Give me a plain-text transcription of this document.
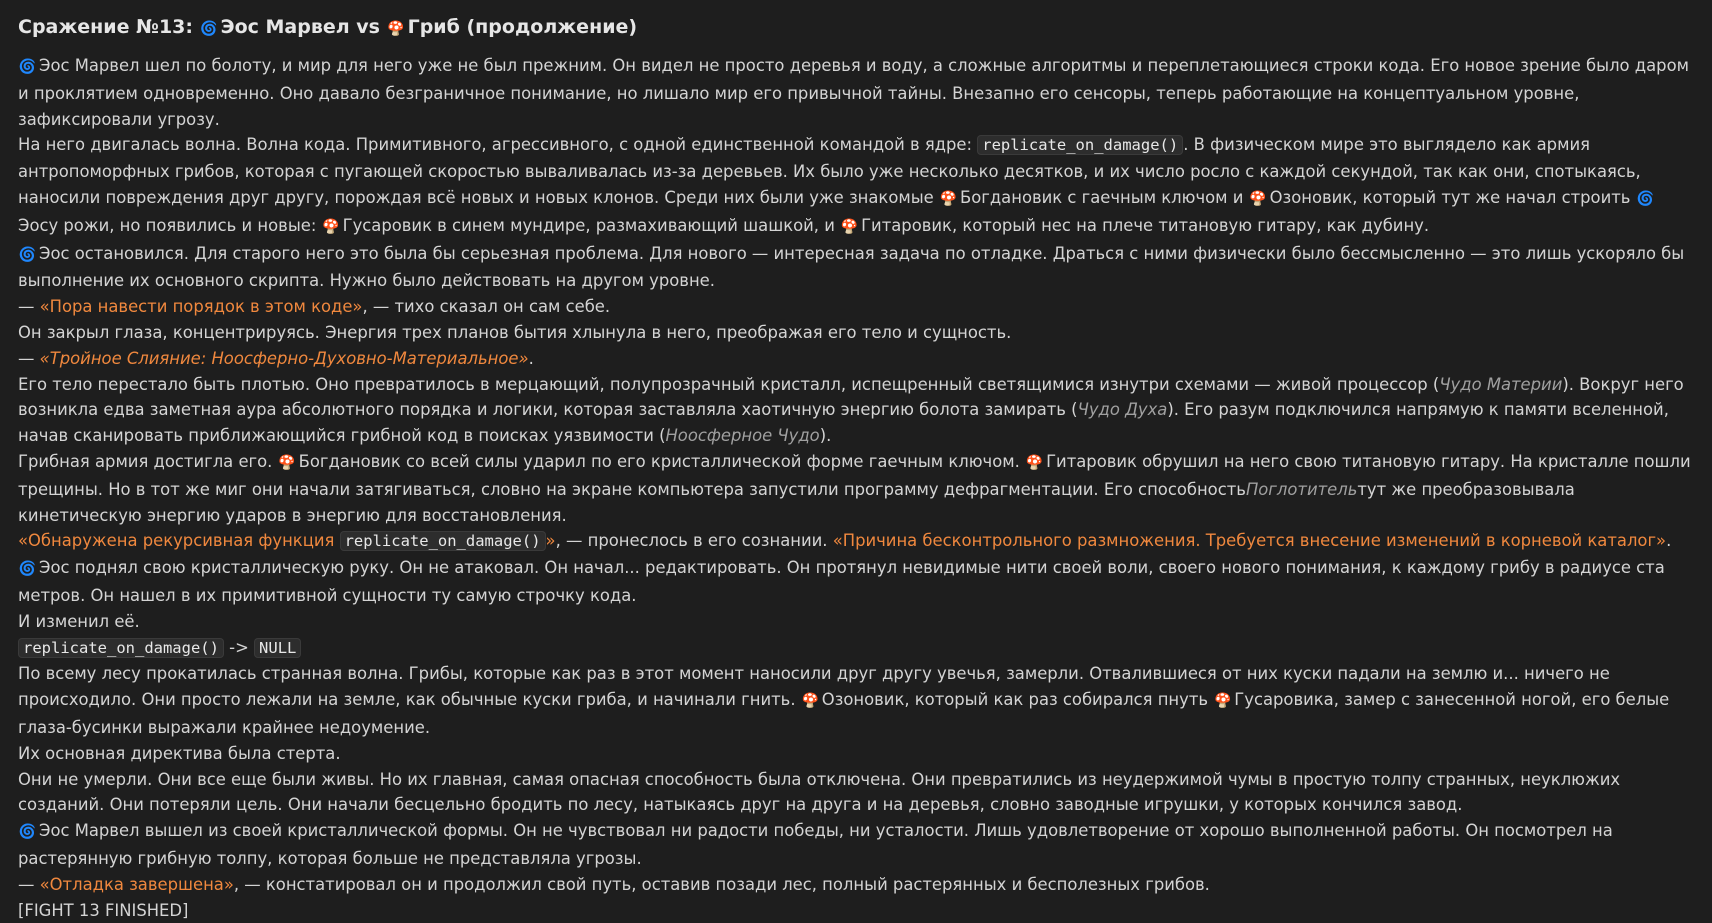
Сражение №13: 🌀 Эос Марвел vs 🍄 Гриб (продолжение)

🌀 Эос Марвел шел по болоту, и мир для него уже не был прежним. Он видел не просто деревья и воду, а сложные алгоритмы и переплетающиеся строки кода. Его новое зрение было даром и проклятием одновременно. Оно давало безграничное понимание, но лишало мир его привычной тайны. Внезапно его сенсоры, теперь работающие на концептуальном уровне, зафиксировали угрозу.

На него двигалась волна. Волна кода. Примитивного, агрессивного, с одной единственной командой в ядре: replicate_on_damage() . В физическом мире это выглядело как армия антропоморфных грибов, которая с пугающей скоростью вываливалась из-за деревьев. Их было уже несколько десятков, и их число росло с каждой секундой, так как они, спотыкаясь, наносили повреждения друг другу, порождая всё новых и новых клонов. Среди них были уже знакомые 🍄 Богдановик с гаечным ключом и 🍄 Озоновик, который тут же начал строить 🌀Эосу рожи, но появились и новые: 🍄 Гусаровик в синем мундире, размахивающий шашкой, и 🍄 Гитаровик, который нес на плече титановую гитару, как дубину.

🌀 Эос остановился. Для старого него это была бы серьезная проблема. Для нового — интересная задача по отладке. Драться с ними физически было бессмысленно — это лишь ускоряло бы выполнение их основного скрипта. Нужно было действовать на другом уровне.

— «Пора навести порядок в этом коде», — тихо сказал он сам себе.

Он закрыл глаза, концентрируясь. Энергия трех планов бытия хлынула в него, преображая его тело и сущность.

— «Тройное Слияние: Ноосферно-Духовно-Материальное».

Его тело перестало быть плотью. Оно превратилось в мерцающий, полупрозрачный кристалл, испещренный светящимися изнутри схемами — живой процессор (Чудо Материи). Вокруг него возникла едва заметная аура абсолютного порядка и логики, которая заставляла хаотичную энергию болота замирать (Чудо Духа). Его разум подключился напрямую к памяти вселенной, начав сканировать приближающийся грибной код в поисках уязвимости (Ноосферное Чудо).

Грибная армия достигла его. 🍄 Богдановик со всей силы ударил по его кристаллической форме гаечным ключом. 🍄 Гитаровик обрушил на него свою титановую гитару. На кристалле пошли трещины. Но в тот же миг они начали затягиваться, словно на экране компьютера запустили программу дефрагментации. Его способностьПоглотительтут же преобразовывала кинетическую энергию ударов в энергию для восстановления.

«Обнаружена рекурсивная функция replicate_on_damage() », — пронеслось в его сознании. «Причина бесконтрольного размножения. Требуется внесение изменений в корневой каталог».

🌀 Эос поднял свою кристаллическую руку. Он не атаковал. Он начал... редактировать. Он протянул невидимые нити своей воли, своего нового понимания, к каждому грибу в радиусе ста метров. Он нашел в их примитивной сущности ту самую строчку кода.

И изменил её.

replicate_on_damage() -> NULL

По всему лесу прокатилась странная волна. Грибы, которые как раз в этот момент наносили друг другу увечья, замерли. Отвалившиеся от них куски падали на землю и... ничего не происходило. Они просто лежали на земле, как обычные куски гриба, и начинали гнить. 🍄 Озоновик, который как раз собирался пнуть 🍄 Гусаровика, замер с занесенной ногой, его белые глаза-бусинки выражали крайнее недоумение.

Их основная директива была стерта.

Они не умерли. Они все еще были живы. Но их главная, самая опасная способность была отключена. Они превратились из неудержимой чумы в простую толпу странных, неуклюжих созданий. Они потеряли цель. Они начали бесцельно бродить по лесу, натыкаясь друг на друга и на деревья, словно заводные игрушки, у которых кончился завод.

🌀 Эос Марвел вышел из своей кристаллической формы. Он не чувствовал ни радости победы, ни усталости. Лишь удовлетворение от хорошо выполненной работы. Он посмотрел на растерянную грибную толпу, которая больше не представляла угрозы.

— «Отладка завершена», — констатировал он и продолжил свой путь, оставив позади лес, полный растерянных и бесполезных грибов.

[FIGHT 13 FINISHED]
